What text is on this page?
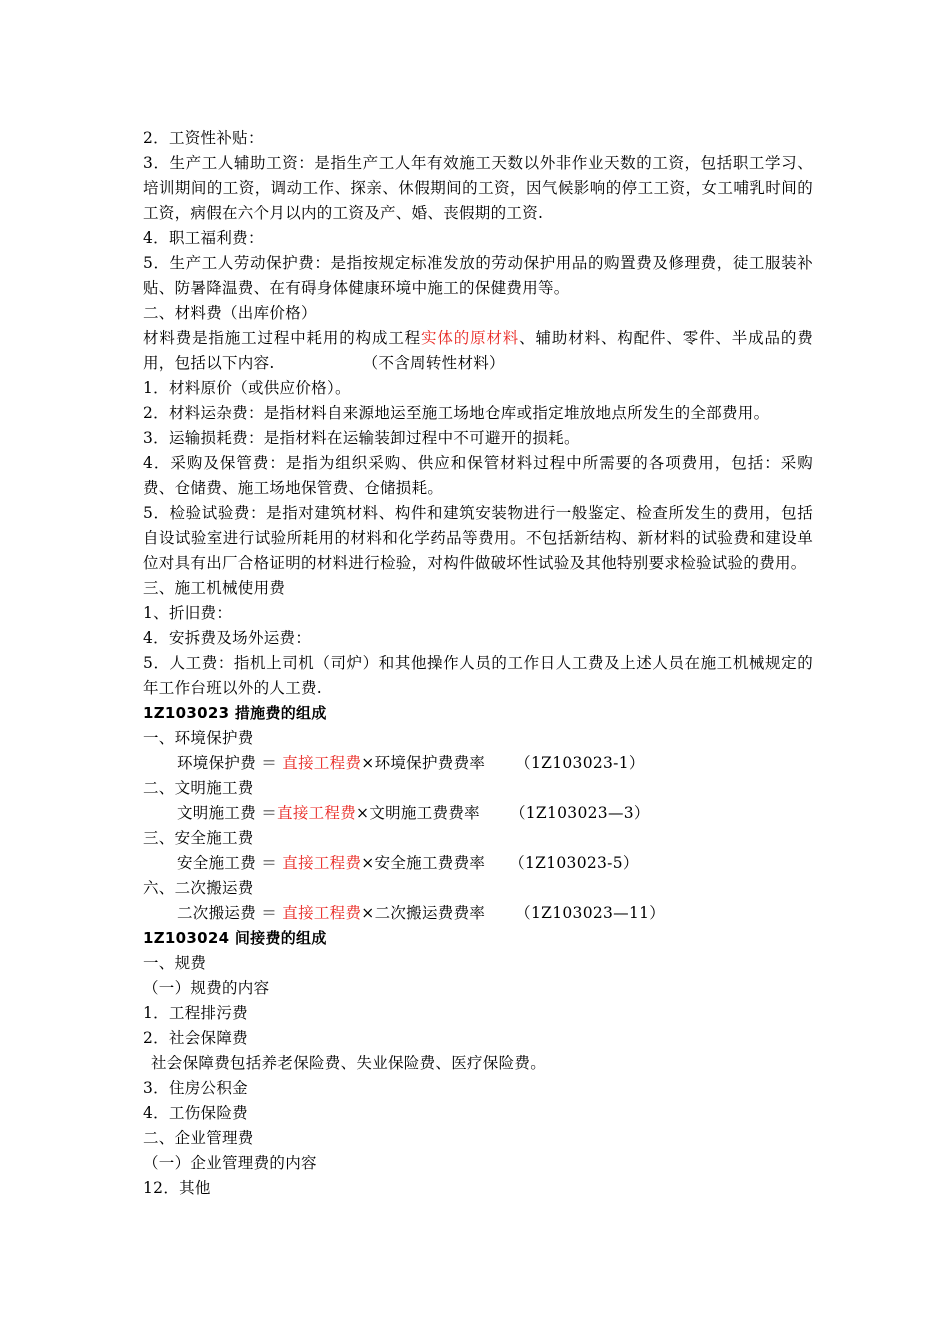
2．工资性补贴：
3．生产工人辅助工资：是指生产工人年有效施工天数以外非作业天数的工资，包括职工学习、培训期间的工资，调动工作、探亲、休假期间的工资，因气候影响的停工工资，女工哺乳时间的工资，病假在六个月以内的工资及产、婚、丧假期的工资.
4．职工福利费：
5．生产工人劳动保护费：是指按规定标准发放的劳动保护用品的购置费及修理费，徒工服装补贴、防暑降温费、在有碍身体健康环境中施工的保健费用等。
二、材料费（出库价格）
材料费是指施工过程中耗用的构成工程实体的原材料、辅助材料、构配件、零件、半成品的费用，包括以下内容.	（不含周转性材料）
1．材料原价（或供应价格）。
2．材料运杂费：是指材料自来源地运至施工场地仓库或指定堆放地点所发生的全部费用。
3．运输损耗费：是指材料在运输装卸过程中不可避开的损耗。
4．采购及保管费：是指为组织采购、供应和保管材料过程中所需要的各项费用，包括：采购费、仓储费、施工场地保管费、仓储损耗。
5．检验试验费：是指对建筑材料、构件和建筑安装物进行一般鉴定、检查所发生的费用，包括自设试验室进行试验所耗用的材料和化学药品等费用。不包括新结构、新材料的试验费和建设单位对具有出厂合格证明的材料进行检验，对构件做破坏性试验及其他特别要求检验试验的费用。
三、施工机械使用费
1、折旧费：
4．安拆费及场外运费：
5．人工费：指机上司机（司炉）和其他操作人员的工作日人工费及上述人员在施工机械规定的年工作台班以外的人工费.
1Z103023 措施费的组成
一、环境保护费
环境保护费 ＝ 直接工程费×环境保护费费率 （1Z103023-1）
二、文明施工费
文明施工费 ＝直接工程费×文明施工费费率 （1Z103023—3）
三、安全施工费
安全施工费 ＝ 直接工程费×安全施工费费率 （1Z103023-5）
六、二次搬运费
二次搬运费 ＝ 直接工程费×二次搬运费费率 （1Z103023—11）
1Z103024 间接费的组成
一、规费
（一）规费的内容
1．工程排污费
2．社会保障费
社会保障费包括养老保险费、失业保险费、医疗保险费。
3．住房公积金
4．工伤保险费
二、企业管理费
（一）企业管理费的内容
12．其他
